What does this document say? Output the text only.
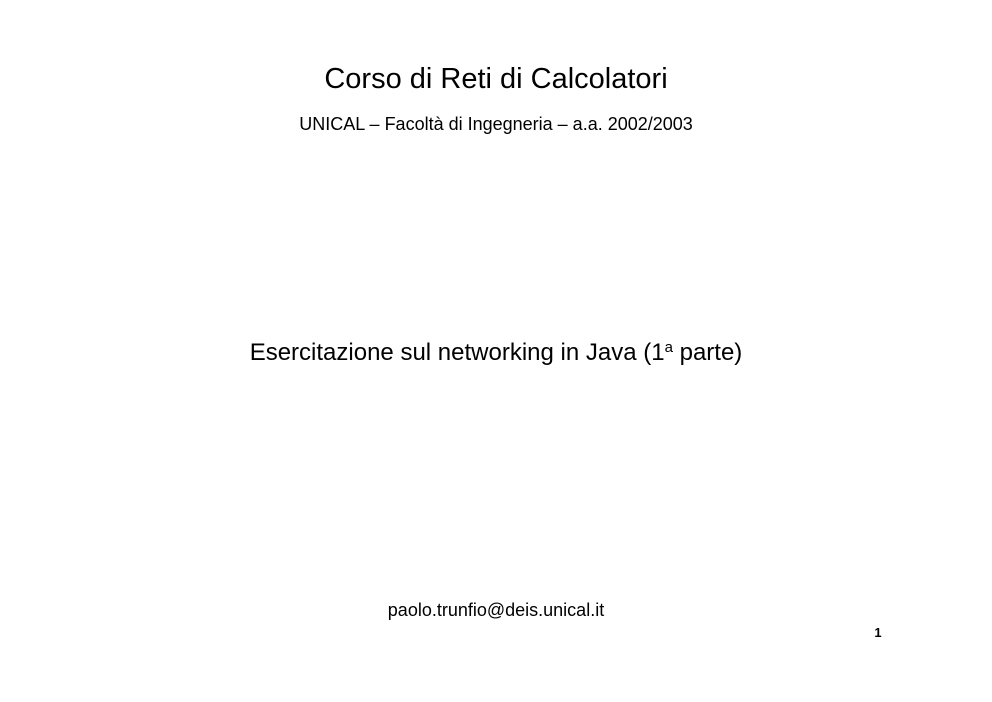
Corso di Reti di Calcolatori

UNICAL – Facoltà di Ingegneria – a.a. 2002/2003

Esercitazione sul networking in Java (1$^a$ parte)

paolo.trunfio@deis.unical.it

1
